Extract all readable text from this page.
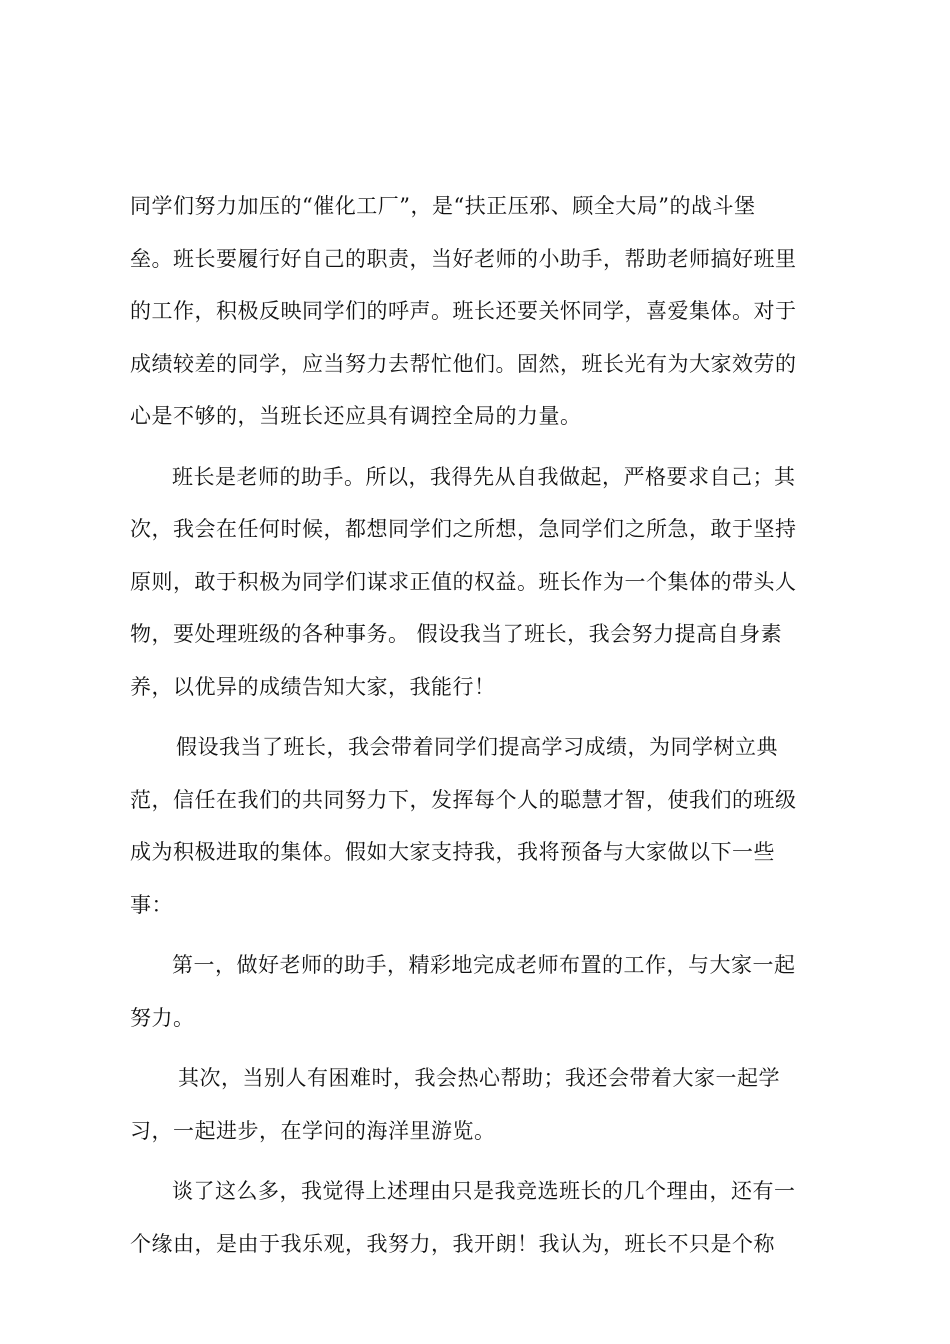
同学们努力加压的“催化工厂”，是“扶正压邪、顾全大局”的战斗堡
垒。班长要履行好自己的职责，当好老师的小助手，帮助老师搞好班里
的工作，积极反映同学们的呼声。班长还要关怀同学，喜爱集体。对于
成绩较差的同学，应当努力去帮忙他们。固然，班长光有为大家效劳的
心是不够的，当班长还应具有调控全局的力量。
班长是老师的助手。所以，我得先从自我做起，严格要求自己；其
次，我会在任何时候，都想同学们之所想，急同学们之所急，敢于坚持
原则，敢于积极为同学们谋求正值的权益。班长作为一个集体的带头人
物，要处理班级的各种事务。 假设我当了班长，我会努力提高自身素
养，以优异的成绩告知大家，我能行！
假设我当了班长，我会带着同学们提高学习成绩，为同学树立典
范，信任在我们的共同努力下，发挥每个人的聪慧才智，使我们的班级
成为积极进取的集体。假如大家支持我，我将预备与大家做以下一些
事：
第一，做好老师的助手，精彩地完成老师布置的工作，与大家一起
努力。
其次，当别人有困难时，我会热心帮助；我还会带着大家一起学
习，一起进步，在学问的海洋里游览。
谈了这么多，我觉得上述理由只是我竞选班长的几个理由，还有一
个缘由，是由于我乐观，我努力，我开朗！我认为，班长不只是个称
